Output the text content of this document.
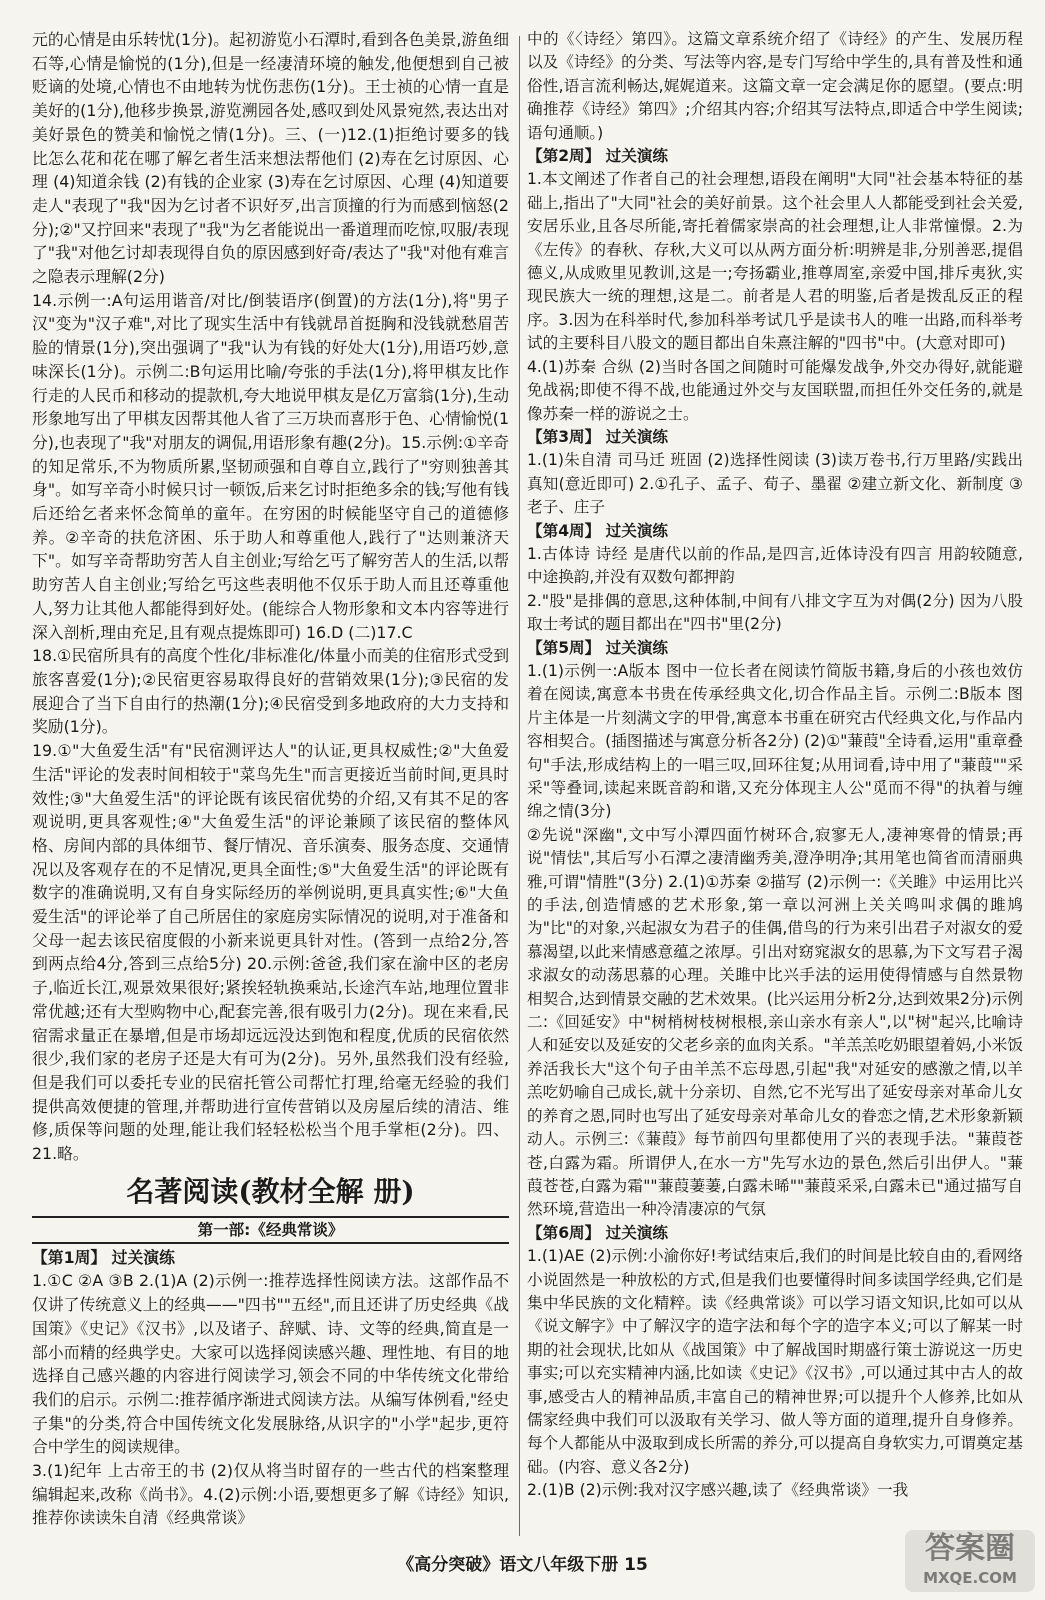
元的心情是由乐转忧(1分)。起初游览小石潭时,看到各色美景,游鱼细石等,心情是愉悦的(1分),但是一经凄清环境的触发,他便想到自己被贬谪的处境,心情也不由地转为忧伤悲伤(1分)。王士祯的心情一直是美好的(1分),他移步换景,游览溯园各处,感叹到处风景宛然,表达出对美好景色的赞美和愉悦之情(1分)。三、(一)12.(1)拒绝讨要多的钱比怎么花和花在哪了解乞者生活来想法帮他们 (2)寿在乞讨原因、心理 (4)知道余钱 (2)有钱的企业家 (3)寿在乞讨原因、心理 (4)知道要走人"表现了"我"因为乞讨者不识好歹,出言顶撞的行为而感到恼怒(2分);②"又拧回来"表现了"我"为乞者能说出一番道理而吃惊,叹服/表现了"我"对他乞讨却表现得自负的原因感到好奇/表达了"我"对他有难言之隐表示理解(2分)

14.示例一:A句运用谐音/对比/倒装语序(倒置)的方法(1分),将"男子汉"变为"汉子难",对比了现实生活中有钱就昂首挺胸和没钱就愁眉苦脸的情景(1分),突出强调了"我"认为有钱的好处大(1分),用语巧妙,意味深长(1分)。示例二:B句运用比喻/夸张的手法(1分),将甲棋友比作行走的人民币和移动的提款机,夸大地说甲棋友是亿万富翁(1分),生动形象地写出了甲棋友因帮其他人省了三万块而喜形于色、心情愉悦(1分),也表现了"我"对朋友的调侃,用语形象有趣(2分)。15.示例:①辛奇的知足常乐,不为物质所累,坚韧顽强和自尊自立,践行了"穷则独善其身"。如写辛奇小时候只讨一顿饭,后来乞讨时拒绝多余的钱;写他有钱后还给乞者来怀念简单的童年。在穷困的时候能坚守自己的道德修养。②辛奇的扶危济困、乐于助人和尊重他人,践行了"达则兼济天下"。如写辛奇帮助穷苦人自主创业;写给乞丐了解穷苦人的生活,以帮助穷苦人自主创业;写给乞丐这些表明他不仅乐于助人而且还尊重他人,努力让其他人都能得到好处。(能综合人物形象和文本内容等进行深入剖析,理由充足,且有观点提炼即可) 16.D (二)17.C

18.①民宿所具有的高度个性化/非标准化/体量小而美的住宿形式受到旅客喜爱(1分);②民宿更容易取得良好的营销效果(1分);③民宿的发展迎合了当下自由行的热潮(1分);④民宿受到多地政府的大力支持和奖励(1分)。

19.①"大鱼爱生活"有"民宿测评达人"的认证,更具权威性;②"大鱼爱生活"评论的发表时间相较于"菜鸟先生"而言更接近当前时间,更具时效性;③"大鱼爱生活"的评论既有该民宿优势的介绍,又有其不足的客观说明,更具客观性;④"大鱼爱生活"的评论兼顾了该民宿的整体风格、房间内部的具体细节、餐厅情况、音乐演奏、服务态度、交通情况以及客观存在的不足情况,更具全面性;⑤"大鱼爱生活"的评论既有数字的准确说明,又有自身实际经历的举例说明,更具真实性;⑥"大鱼爱生活"的评论举了自己所居住的家庭房实际情况的说明,对于准备和父母一起去该民宿度假的小新来说更具针对性。(答到一点给2分,答到两点给4分,答到三点给5分) 20.示例:爸爸,我们家在渝中区的老房子,临近长江,观景效果很好;紧挨轻轨换乘站,长途汽车站,地理位置非常优越;还有大型购物中心,配套完善,很有吸引力(2分)。现在来看,民宿需求量正在暴增,但是市场却远远没达到饱和程度,优质的民宿依然很少,我们家的老房子还是大有可为(2分)。另外,虽然我们没有经验,但是我们可以委托专业的民宿托管公司帮忙打理,给毫无经验的我们提供高效便捷的管理,并帮助进行宣传营销以及房屋后续的清洁、维修,质保等问题的处理,能让我们轻轻松松当个甩手掌柜(2分)。四、21.略。

名著阅读(教材全解 册)
第一部:《经典常谈》

【第1周】 过关演练

1.①C ②A ③B 2.(1)A (2)示例一:推荐选择性阅读方法。这部作品不仅讲了传统意义上的经典——"四书""五经",而且还讲了历史经典《战国策》《史记》《汉书》,以及诸子、辞赋、诗、文等的经典,简直是一部小而精的经典学史。大家可以选择阅读感兴趣、理性地、有目的地选择自己感兴趣的内容进行阅读学习,领会不同的中华传统文化带给我们的启示。示例二:推荐循序渐进式阅读方法。从编写体例看,"经史子集"的分类,符合中国传统文化发展脉络,从识字的"小学"起步,更符合中学生的阅读规律。

3.(1)纪年 上古帝王的书 (2)仅从将当时留存的一些古代的档案整理编辑起来,改称《尚书》。4.(2)示例:小语,要想更多了解《诗经》知识,推荐你读读朱自清《经典常谈》

中的《〈诗经〉第四》。这篇文章系统介绍了《诗经》的产生、发展历程以及《诗经》的分类、写法等内容,是专门写给中学生的,具有普及性和通俗性,语言流利畅达,娓娓道来。这篇文章一定会满足你的愿望。(要点:明确推荐《诗经》第四》;介绍其内容;介绍其写法特点,即适合中学生阅读;语句通顺。)

【第2周】 过关演练

1.本文阐述了作者自己的社会理想,语段在阐明"大同"社会基本特征的基础上,指出了"大同"社会的美好前景。这个社会里人人都能受到社会关爱,安居乐业,且各尽所能,寄托着儒家崇高的社会理想,让人非常憧憬。2.为《左传》的春秋、存秋,大义可以从两方面分析:明辨是非,分别善恶,提倡德义,从成败里见教训,这是一;夸扬霸业,推尊周室,亲爱中国,排斥夷狄,实现民族大一统的理想,这是二。前者是人君的明鉴,后者是拨乱反正的程序。3.因为在科举时代,参加科举考试几乎是读书人的唯一出路,而科举考试的主要科目八股文的题目都出自朱熹注解的"四书"中。(大意对即可)

4.(1)苏秦 合纵 (2)当时各国之间随时可能爆发战争,外交办得好,就能避免战祸;即使不得不战,也能通过外交与友国联盟,而担任外交任务的,就是像苏秦一样的游说之士。

【第3周】 过关演练

1.(1)朱自清 司马迁 班固 (2)选择性阅读 (3)读万卷书,行万里路/实践出真知(意近即可) 2.①孔子、孟子、荀子、墨翟 ②建立新文化、新制度 ③老子、庄子

【第4周】 过关演练

1.古体诗 诗经 是唐代以前的作品,是四言,近体诗没有四言 用韵较随意,中途换韵,并没有双数句都押韵

2."股"是排偶的意思,这种体制,中间有八排文字互为对偶(2分) 因为八股取士考试的题目都出在"四书"里(2分)

【第5周】 过关演练

1.(1)示例一:A版本 图中一位长者在阅读竹简版书籍,身后的小孩也效仿着在阅读,寓意本书贵在传承经典文化,切合作品主旨。示例二:B版本 图片主体是一片刻满文字的甲骨,寓意本书重在研究古代经典文化,与作品内容相契合。(插图描述与寓意分析各2分) (2)①"蒹葭"全诗看,运用"重章叠句"手法,形成结构上的一唱三叹,回环往复;从用词看,诗中用了"蒹葭""采采"等叠词,读起来既音韵和谐,又充分体现主人公"觅而不得"的执着与缠绵之情(3分)

②先说"深幽",文中写小潭四面竹树环合,寂寥无人,凄神寒骨的情景;再说"情怯",其后写小石潭之凄清幽秀美,澄净明净;其用笔也简省而清丽典雅,可谓"情胜"(3分) 2.(1)①苏秦 ②描写 (2)示例一:《关雎》中运用比兴的手法,创造情感的艺术形象,第一章以河洲上关关鸣叫求偶的雎鸠为"比"的对象,兴起淑女为君子的佳偶,借鸟的行为来引出君子对淑女的爱慕渴望,以此来情感意蕴之浓厚。引出对窈窕淑女的思慕,为下文写君子渴求淑女的动荡思慕的心理。关雎中比兴手法的运用使得情感与自然景物相契合,达到情景交融的艺术效果。(比兴运用分析2分,达到效果2分)示例二:《回延安》中"树梢树枝树根根,亲山亲水有亲人",以"树"起兴,比喻诗人和延安以及延安的父老乡亲的血肉关系。"羊羔羔吃奶眼望着妈,小米饭养活我长大"这个句子由羊羔不忘母恩,引起"我"对延安的感激之情,以羊羔吃奶喻自己成长,就十分亲切、自然,它不光写出了延安母亲对革命儿女的养育之恩,同时也写出了延安母亲对革命儿女的眷恋之情,艺术形象新颖动人。示例三:《蒹葭》每节前四句里都使用了兴的表现手法。"蒹葭苍苍,白露为霜。所谓伊人,在水一方"先写水边的景色,然后引出伊人。"蒹葭苍苍,白露为霜""蒹葭萋萋,白露未晞""蒹葭采采,白露未已"通过描写自然环境,营造出一种冷清凄凉的气氛

【第6周】 过关演练

1.(1)AE (2)示例:小渝你好!考试结束后,我们的时间是比较自由的,看网络小说固然是一种放松的方式,但是我们也要懂得时间多读国学经典,它们是集中华民族的文化精粹。读《经典常谈》可以学习语文知识,比如可以从《说文解字》中了解汉字的造字法和每个字的造字本义;可以了解某一时期的社会现状,比如从《战国策》中了解战国时期盛行策士游说这一历史事实;可以充实精神内涵,比如读《史记》《汉书》,可以通过其中古人的故事,感受古人的精神品质,丰富自己的精神世界;可以提升个人修养,比如从儒家经典中我们可以汲取有关学习、做人等方面的道理,提升自身修养。每个人都能从中汲取到成长所需的养分,可以提高自身软实力,可谓奠定基础。(内容、意义各2分)

2.(1)B (2)示例:我对汉字感兴趣,读了《经典常谈》一我

《高分突破》语文八年级下册 15	答案圈
MXQE.COM
